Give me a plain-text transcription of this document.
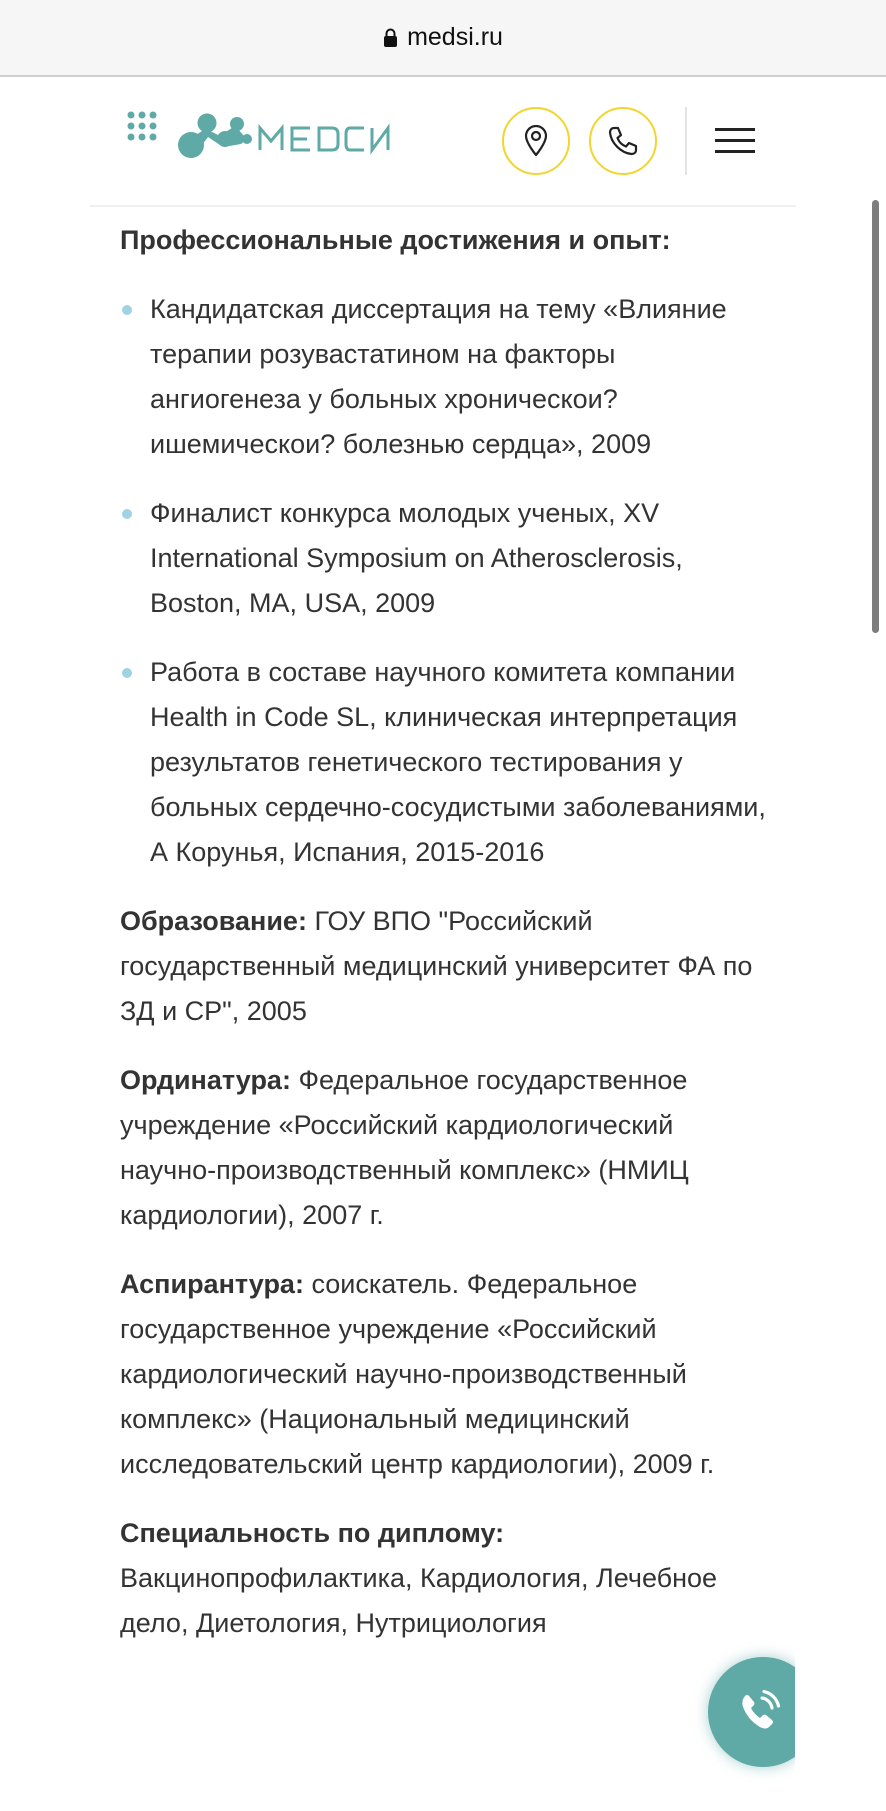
medsi.ru
Профессиональные достижения и опыт:
Кандидатская диссертация на тему «Влияние терапии розувастатином на факторы ангиогенеза у больных хроническои? ишемическои? болезнью сердца», 2009
Финалист конкурса молодых ученых, XV International Symposium on Atherosclerosis, Boston, MA, USA, 2009
Работа в составе научного комитета компании Health in Code SL, клиническая интерпретация результатов генетического тестирования у больных сердечно-сосудистыми заболеваниями, А Корунья, Испания, 2015-2016

Образование: ГОУ ВПО "Российский государственный медицинский университет ФА по ЗД и СР", 2005

Ординатура: Федеральное государственное учреждение «Российский кардиологический научно-производственный комплекс» (НМИЦ кардиологии), 2007 г.

Аспирантура: соискатель. Федеральное государственное учреждение «Российский кардиологический научно-производственный комплекс» (Национальный медицинский исследовательский центр кардиологии), 2009 г.

Специальность по диплому:
Вакцинопрофилактика, Кардиология, Лечебное дело, Диетология, Нутрициология
